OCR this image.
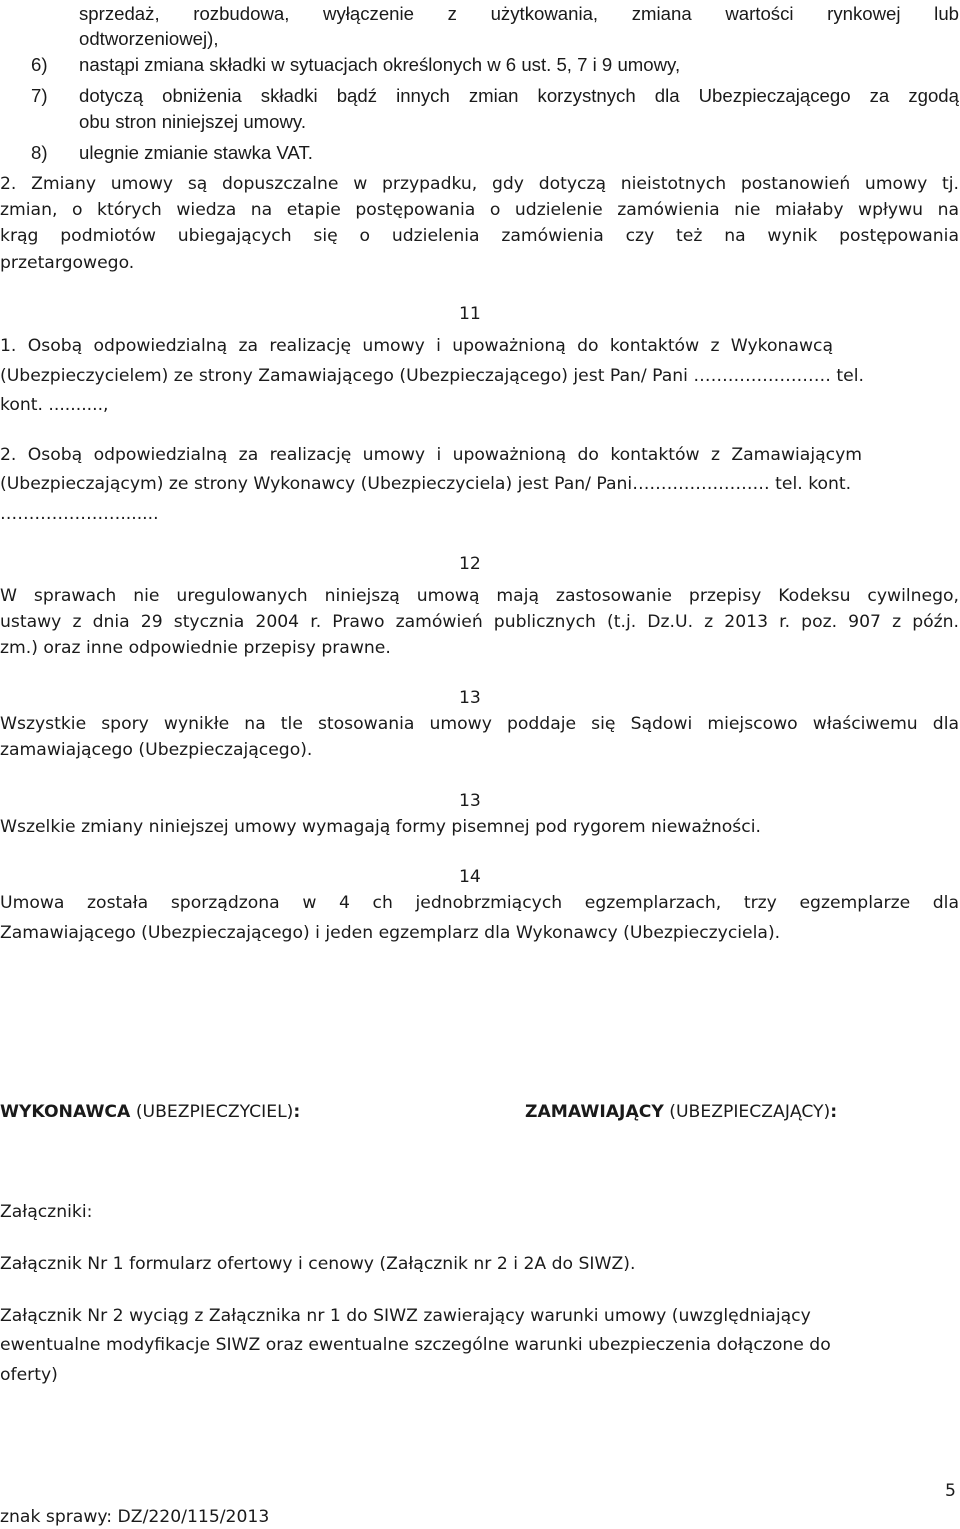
sprzedaż, rozbudowa, wyłączenie z użytkowania, zmiana wartości rynkowej lub
odtworzeniowej),
6) nastąpi zmiana składki w sytuacjach określonych w 6 ust. 5, 7 i 9 umowy,
7) dotyczą obniżenia składki bądź innych zmian korzystnych dla Ubezpieczającego za zgodą
obu stron niniejszej umowy.
8) ulegnie zmianie stawka VAT.
2. Zmiany umowy są dopuszczalne w przypadku, gdy dotyczą nieistotnych postanowień umowy tj.
zmian, o których wiedza na etapie postępowania o udzielenie zamówienia nie miałaby wpływu na
krąg podmiotów ubiegających się o udzielenia zamówienia czy też na wynik postępowania
przetargowego.
11
1. Osobą odpowiedzialną za realizację umowy i upoważnioną do kontaktów z Wykonawcą
(Ubezpieczycielem) ze strony Zamawiającego (Ubezpieczającego) jest Pan/ Pani …………………… tel.
kont. ..........,
2. Osobą odpowiedzialną za realizację umowy i upoważnioną do kontaktów z Zamawiającym
(Ubezpieczającym) ze strony Wykonawcy (Ubezpieczyciela) jest Pan/ Pani…………………… tel. kont.
………………….......
12
W sprawach nie uregulowanych niniejszą umową mają zastosowanie przepisy Kodeksu cywilnego,
ustawy z dnia 29 stycznia 2004 r. Prawo zamówień publicznych (t.j. Dz.U. z 2013 r. poz. 907 z późn.
zm.) oraz inne odpowiednie przepisy prawne.
13
Wszystkie spory wynikłe na tle stosowania umowy poddaje się Sądowi miejscowo właściwemu dla
zamawiającego (Ubezpieczającego).
13
Wszelkie zmiany niniejszej umowy wymagają formy pisemnej pod rygorem nieważności.
14
Umowa została sporządzona w 4 ch jednobrzmiących egzemplarzach, trzy egzemplarze dla
Zamawiającego (Ubezpieczającego) i jeden egzemplarz dla Wykonawcy (Ubezpieczyciela).
WYKONAWCA (UBEZPIECZYCIEL):	ZAMAWIAJĄCY (UBEZPIECZAJĄCY):
Załączniki:
Załącznik Nr 1 formularz ofertowy i cenowy (Załącznik nr 2 i 2A do SIWZ).
Załącznik Nr 2 wyciąg z Załącznika nr 1 do SIWZ zawierający warunki umowy (uwzględniający
ewentualne modyfikacje SIWZ oraz ewentualne szczególne warunki ubezpieczenia dołączone do
oferty)
5
znak sprawy: DZ/220/115/2013
